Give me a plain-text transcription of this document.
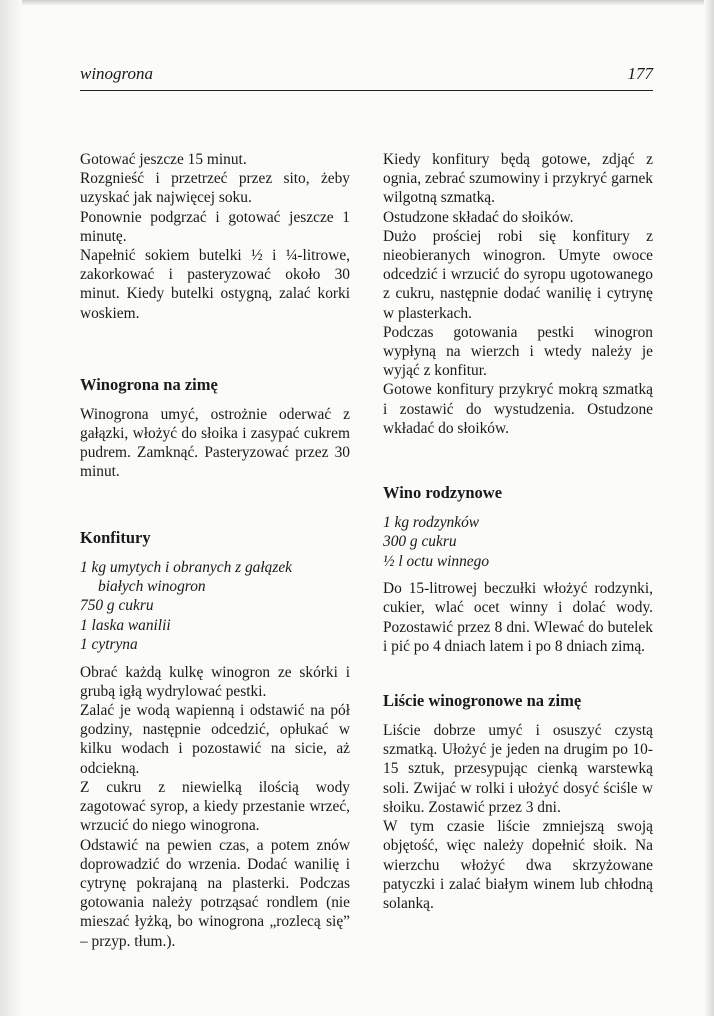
winogrona	177

Gotować jeszcze 15 minut.

Rozgnieść i przetrzeć przez sito, żeby uzyskać jak najwięcej soku.

Ponownie podgrzać i gotować jeszcze 1 minutę.

Napełnić sokiem butelki ½ i ¼-litrowe, zakorkować i pasteryzować około 30 minut. Kiedy butelki ostygną, zalać korki woskiem.

Winogrona na zimę

Winogrona umyć, ostrożnie oderwać z gałązki, włożyć do słoika i zasypać cukrem pudrem. Zamknąć. Pasteryzować przez 30 minut.

Konfitury
1 kg umytych i obranych z gałązek
białych winogron
750 g cukru
1 laska wanilii
1 cytryna

Obrać każdą kulkę winogron ze skórki i grubą igłą wydrylować pestki.

Zalać je wodą wapienną i odstawić na pół godziny, następnie odcedzić, opłukać w kilku wodach i pozostawić na sicie, aż odciekną.

Z cukru z niewielką ilością wody zagotować syrop, a kiedy przestanie wrzeć, wrzucić do niego winogrona.

Odstawić na pewien czas, a potem znów doprowadzić do wrzenia. Dodać wanilię i cytrynę pokrajaną na plasterki. Podczas gotowania należy potrząsać rondlem (nie mieszać łyżką, bo winogrona „rozlecą się” – przyp. tłum.).

Kiedy konfitury będą gotowe, zdjąć z ognia, zebrać szumowiny i przykryć garnek wilgotną szmatką.

Ostudzone składać do słoików.

Dużo prościej robi się konfitury z nieobieranych winogron. Umyte owoce odcedzić i wrzucić do syropu ugotowanego z cukru, następnie dodać wanilię i cytrynę w plasterkach.

Podczas gotowania pestki winogron wypłyną na wierzch i wtedy należy je wyjąć z konfitur.

Gotowe konfitury przykryć mokrą szmatką i zostawić do wystudzenia. Ostudzone wkładać do słoików.

Wino rodzynowe
1 kg rodzynków
300 g cukru
½ l octu winnego

Do 15-litrowej beczułki włożyć rodzynki, cukier, wlać ocet winny i dolać wody. Pozostawić przez 8 dni. Wlewać do butelek i pić po 4 dniach latem i po 8 dniach zimą.

Liście winogronowe na zimę

Liście dobrze umyć i osuszyć czystą szmatką. Ułożyć je jeden na drugim po 10-15 sztuk, przesypując cienką warstewką soli. Zwijać w rolki i ułożyć dosyć ściśle w słoiku. Zostawić przez 3 dni.

W tym czasie liście zmniejszą swoją objętość, więc należy dopełnić słoik. Na wierzchu włożyć dwa skrzyżowane patyczki i zalać białym winem lub chłodną solanką.
